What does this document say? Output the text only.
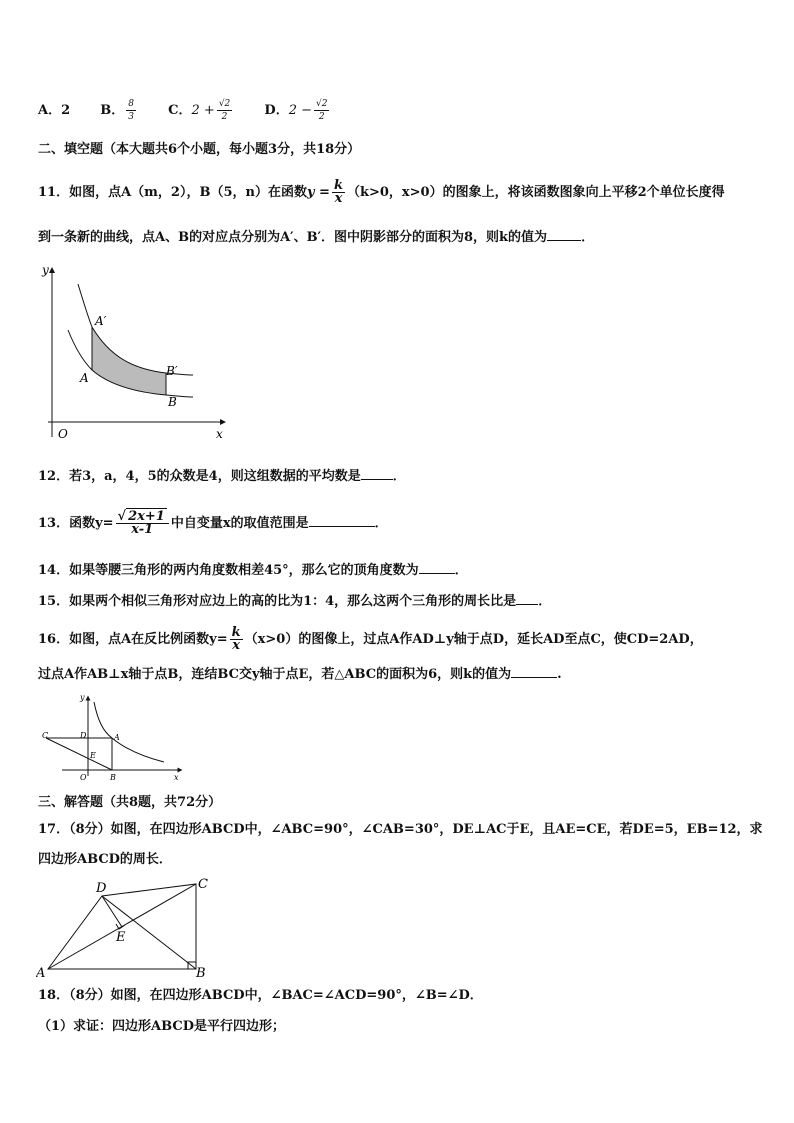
A．2 B． $\frac{8}{3}$ C．$2 + \frac{√2}{2}$ D．$2 - \frac{√2}{2}$
二、填空题（本大题共6个小题，每小题3分，共18分）
11．如图，点A（m，2），B（5，n）在函数$y = \frac{k}{x} (k>0$，x>0）的图象上，将该函数图象向上平移2个单位长度得
到一条新的曲线，点A、B的对应点分别为A′、B′．图中阴影部分的面积为8，则k的值为	．
y
x
O
A′
B′
A
B
12．若3，a，4，5的众数是4，则这组数据的平均数是 ．
13．函数$y= \frac{√ 2x+1}{x-1}$ 中自变量x的取值范围是	．
14．如果等腰三角形的两内角度数相差45°，那么它的顶角度数为	．
15．如果两个相似三角形对应边上的高的比为1：4，那么这两个三角形的周长比是 ．
16．如图，点A在反比例函数$y= \frac{k}{x} (x>0)$的图像上，过点A作AD⊥y轴于点D，延长AD至点C，使CD=2AD，
过点A作AB⊥x轴于点B，连结BC交y轴于点E，若△ABC的面积为6，则k的值为	.
y
x
O
C	D	A
E
B
三、解答题（共8题，共72分）
17．（8分）如图，在四边形ABCD中，∠ABC=90°，∠CAB=30°，DE⊥AC于E，且AE=CE，若DE=5，EB=12，求
四边形ABCD的周长．
D	C
E
A	B
18．（8分）如图，在四边形ABCD中，∠BAC=∠ACD=90°，∠B=∠D．
（1）求证：四边形ABCD是平行四边形；
